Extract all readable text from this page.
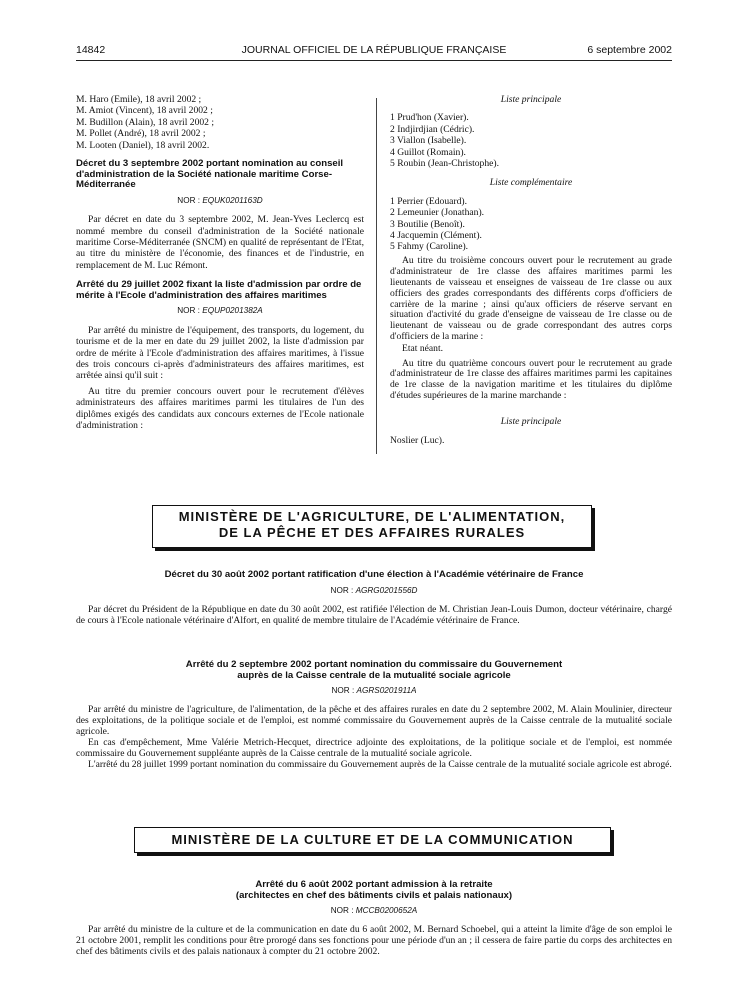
14842	JOURNAL OFFICIEL DE LA RÉPUBLIQUE FRANÇAISE	6 septembre 2002

M. Haro (Emile), 18 avril 2002 ;

M. Amiot (Vincent), 18 avril 2002 ;

M. Budillon (Alain), 18 avril 2002 ;

M. Pollet (André), 18 avril 2002 ;

M. Looten (Daniel), 18 avril 2002.

Décret du 3 septembre 2002 portant nomination au conseil d'administration de la Société nationale maritime Corse-Méditerranée

NOR : EQUK0201163D

Par décret en date du 3 septembre 2002, M. Jean-Yves Leclercq est nommé membre du conseil d'administration de la Société nationale maritime Corse-Méditerranée (SNCM) en qualité de représentant de l'Etat, au titre du ministère de l'économie, des finances et de l'industrie, en remplacement de M. Luc Rémont.

Arrêté du 29 juillet 2002 fixant la liste d'admission par ordre de mérite à l'Ecole d'administration des affaires maritimes

NOR : EQUP0201382A

Par arrêté du ministre de l'équipement, des transports, du logement, du tourisme et de la mer en date du 29 juillet 2002, la liste d'admission par ordre de mérite à l'Ecole d'administration des affaires maritimes, à l'issue des trois concours ci-après d'administrateurs des affaires maritimes, est arrêtée ainsi qu'il suit :

Au titre du premier concours ouvert pour le recrutement d'élèves administrateurs des affaires maritimes parmi les titulaires de l'un des diplômes exigés des candidats aux concours externes de l'Ecole nationale d'administration :

Liste principale

1 Prud'hon (Xavier).
2 Indjirdjian (Cédric).
3 Viallon (Isabelle).
4 Guillot (Romain).
5 Roubin (Jean-Christophe).

Liste complémentaire

1 Perrier (Edouard).
2 Lemeunier (Jonathan).
3 Boutilie (Benoît).
4 Jacquemin (Clément).
5 Fahmy (Caroline).

Au titre du troisième concours ouvert pour le recrutement au grade d'administrateur de 1re classe des affaires maritimes parmi les lieutenants de vaisseau et enseignes de vaisseau de 1re classe ou aux officiers des grades correspondants des différents corps d'officiers de carrière de la marine ; ainsi qu'aux officiers de réserve servant en situation d'activité du grade d'enseigne de vaisseau de 1re classe ou de lieutenant de vaisseau ou de grade correspondant des autres corps d'officiers de la marine :

Etat néant.

Au titre du quatrième concours ouvert pour le recrutement au grade d'administrateur de 1re classe des affaires maritimes parmi les capitaines de 1re classe de la navigation maritime et les titulaires du diplôme d'études supérieures de la marine marchande :

Liste principale

Noslier (Luc).
MINISTÈRE DE L'AGRICULTURE, DE L'ALIMENTATION,
DE LA PÊCHE ET DES AFFAIRES RURALES

Décret du 30 août 2002 portant ratification d'une élection à l'Académie vétérinaire de France

NOR : AGRG0201556D

Par décret du Président de la République en date du 30 août 2002, est ratifiée l'élection de M. Christian Jean-Louis Dumon, docteur vétérinaire, chargé de cours à l'Ecole nationale vétérinaire d'Alfort, en qualité de membre titulaire de l'Académie vétérinaire de France.

Arrêté du 2 septembre 2002 portant nomination du commissaire du Gouvernement
auprès de la Caisse centrale de la mutualité sociale agricole

NOR : AGRS0201911A

Par arrêté du ministre de l'agriculture, de l'alimentation, de la pêche et des affaires rurales en date du 2 septembre 2002, M. Alain Moulinier, directeur des exploitations, de la politique sociale et de l'emploi, est nommé commissaire du Gouvernement auprès de la Caisse centrale de la mutualité sociale agricole.

En cas d'empêchement, Mme Valérie Metrich-Hecquet, directrice adjointe des exploitations, de la politique sociale et de l'emploi, est nommée commissaire du Gouvernement suppléante auprès de la Caisse centrale de la mutualité sociale agricole.

L'arrêté du 28 juillet 1999 portant nomination du commissaire du Gouvernement auprès de la Caisse centrale de la mutualité sociale agricole est abrogé.

MINISTÈRE DE LA CULTURE ET DE LA COMMUNICATION

Arrêté du 6 août 2002 portant admission à la retraite
(architectes en chef des bâtiments civils et palais nationaux)

NOR : MCCB0200652A

Par arrêté du ministre de la culture et de la communication en date du 6 août 2002, M. Bernard Schoebel, qui a atteint la limite d'âge de son emploi le 21 octobre 2001, remplit les conditions pour être prorogé dans ses fonctions pour une période d'un an ; il cessera de faire partie du corps des architectes en chef des bâtiments civils et des palais nationaux à compter du 21 octobre 2002.
